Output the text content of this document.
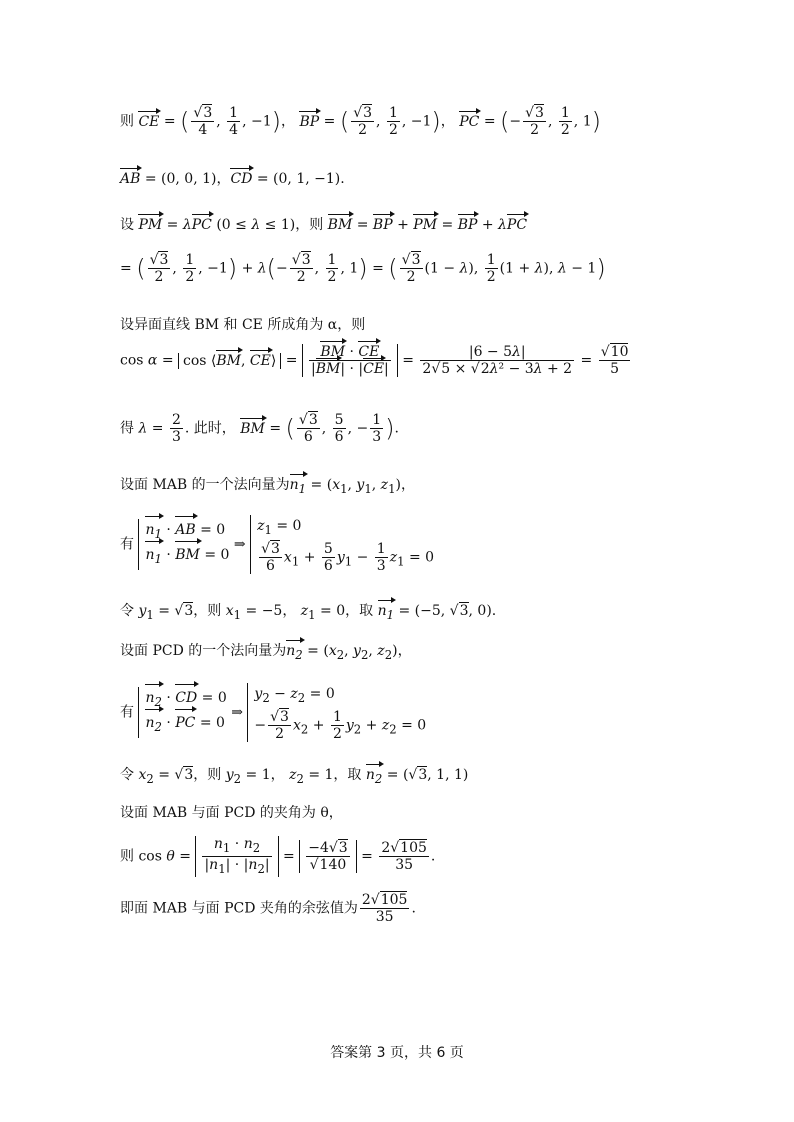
则 CE = ( $\frac{√3}{4}$ , $\frac{1}{4}$ , −1)， BP = ( $\frac{√3}{2}$ , $\frac{1}{2}$ , −1)， PC = (− $\frac{√3}{2}$ , $\frac{1}{2}$ , 1)
AB = (0, 0, 1)，CD = (0, 1, −1).
设 PM = λPC (0 ≤ λ ≤ 1)，则 BM = BP + PM = BP + λPC
= ( $\frac{√3}{2}$ , $\frac{1}{2}$ , $-1) + \lambda(- \frac{√3}{2}$ , $\frac{1}{2}$ , 1) = ( $\frac{√3}{2} (1 - \lambda)$, $\frac{1}{2} (1 + \lambda)$, λ − 1)
设异面直线 BM 和 CE 所成角为 α，则
cos α = cos ⟨BM, CE⟩ = $\frac{BM \cdot CE}{|BM| \cdot |CE|} = \frac{|6 - 5\lambda|}{\text{2√5 × √2λ² − 3λ + 2}} = \frac{√10}{5}$
得 $\lambda = \frac{2}{3}$ . 此时， BM = ( $\frac{√3}{6}$ , $\frac{5}{6}$ , − $\frac{1}{3}$ ).
设面 MAB 的一个法向量为$n_1 = (x_1$, $y_1$, $z_1$)，
有
$n_1$ · AB = 0
$n_1$ · BM = 0
⇒
$z_1 = 0$
$\frac{√3}{6} x_1 + \frac{5}{6} y_1 - \frac{1}{3} z_1 = 0$
令 $y_1 = √3$，则 $x_1 = -5$， $z_1 = 0$，取 $n_1 = (-5$, √3, 0).
设面 PCD 的一个法向量为$n_2 = (x_2$, $y_2$, $z_2$)，
有
$n_2$ · CD = 0
$n_2$ · PC = 0
⇒
$y_2 - z_2 = 0$
− $\frac{√3}{2} x_2 + \frac{1}{2} y_2 + z_2 = 0$
令 $x_2 = √3$，则 $y_2 = 1$， $z_2 = 1$，取 $n_2 = (√3$, 1, 1)
设面 MAB 与面 PCD 的夹角为 θ，
则 $\cos \theta = \frac{n_1 \cdot n_2}{|n_1| \cdot |n_2|} = \frac{-4√3}{√140} = \frac{2√105}{35}$ .
即面 MAB 与面 PCD 夹角的余弦值为 $\frac{2√105}{35}$ .
答案第 3 页，共 6 页
